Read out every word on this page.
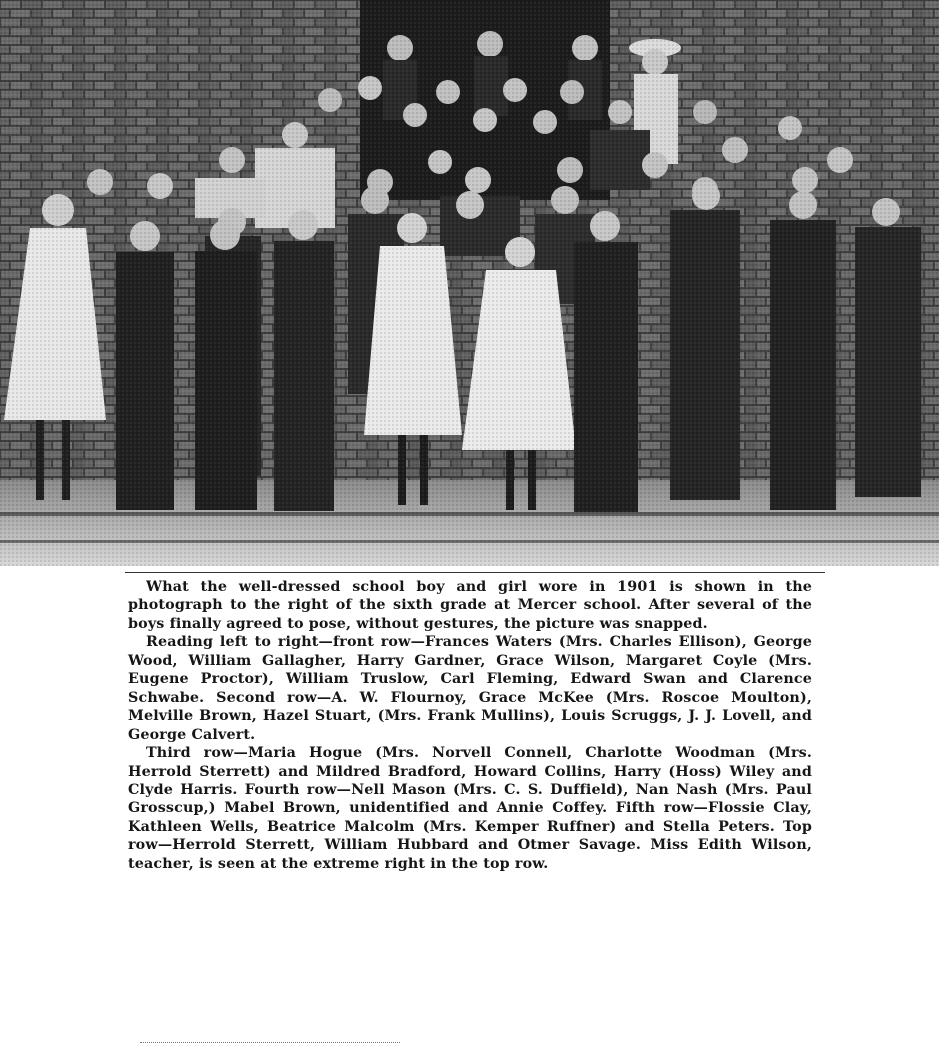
What the well-dressed school boy and girl wore in 1901 is shown in the photograph to the right of the sixth grade at Mercer school. After several of the boys finally agreed to pose, without gestures, the picture was snapped.

Reading left to right—front row—Frances Waters (Mrs. Charles Ellison), George Wood, William Gallagher, Harry Gardner, Grace Wilson, Margaret Coyle (Mrs. Eugene Proctor), William Truslow, Carl Fleming, Edward Swan and Clarence Schwabe. Second row—A. W. Flournoy, Grace McKee (Mrs. Roscoe Moulton), Melville Brown, Hazel Stuart, (Mrs. Frank Mullins), Louis Scruggs, J. J. Lovell, and George Calvert.

Third row—Maria Hogue (Mrs. Norvell Connell, Charlotte Woodman (Mrs. Herrold Sterrett) and Mildred Bradford, Howard Collins, Harry (Hoss) Wiley and Clyde Harris. Fourth row—Nell Mason (Mrs. C. S. Duffield), Nan Nash (Mrs. Paul Grosscup,) Mabel Brown, unidentified and Annie Coffey. Fifth row—Flossie Clay, Kathleen Wells, Beatrice Malcolm (Mrs. Kemper Ruffner) and Stella Peters. Top row—Herrold Sterrett, William Hubbard and Otmer Savage. Miss Edith Wilson, teacher, is seen at the extreme right in the top row.
